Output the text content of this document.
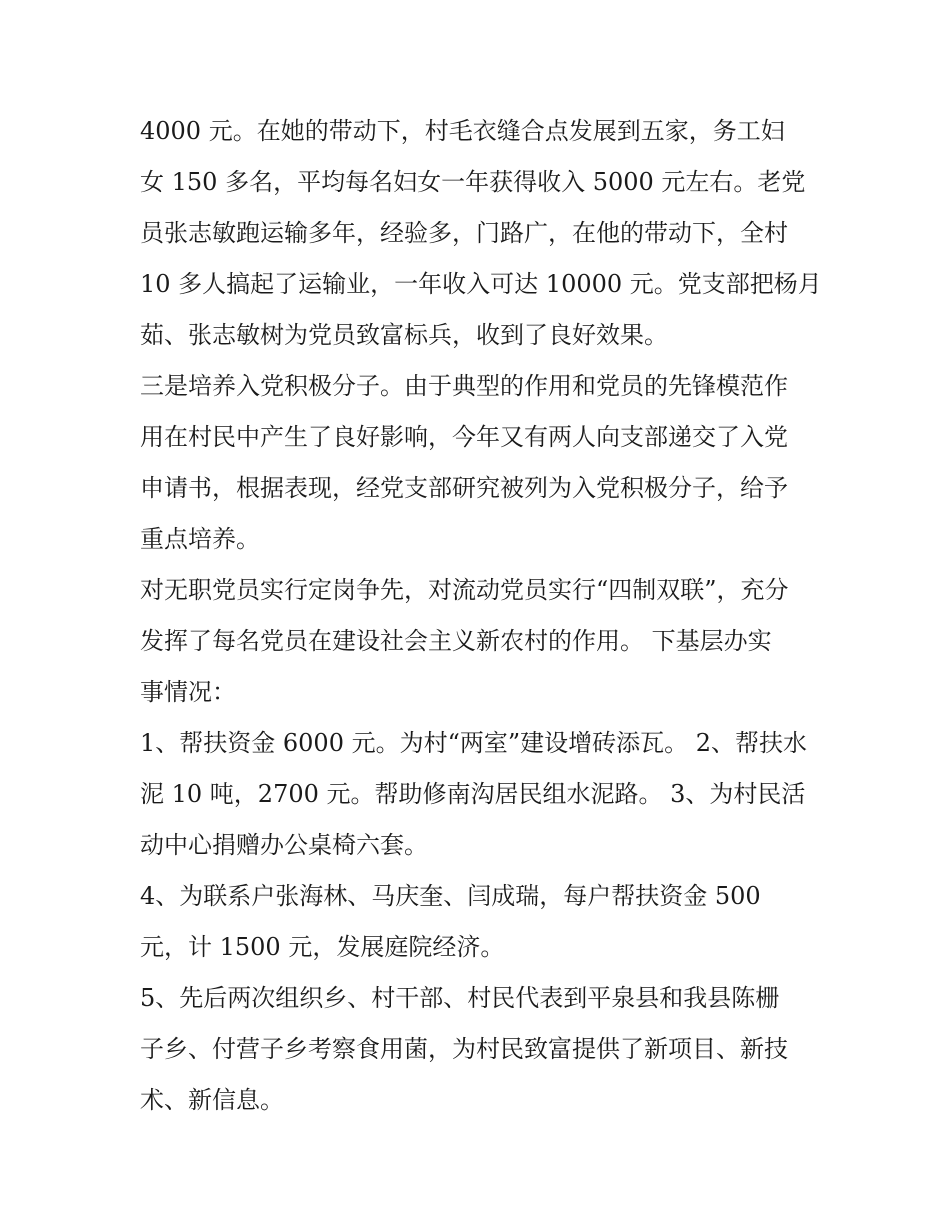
4000 元。在她的带动下，村毛衣缝合点发展到五家，务工妇
女 150 多名，平均每名妇女一年获得收入 5000 元左右。老党
员张志敏跑运输多年，经验多，门路广，在他的带动下，全村
10 多人搞起了运输业，一年收入可达 10000 元。党支部把杨月
茹、张志敏树为党员致富标兵，收到了良好效果。
三是培养入党积极分子。由于典型的作用和党员的先锋模范作
用在村民中产生了良好影响，今年又有两人向支部递交了入党
申请书，根据表现，经党支部研究被列为入党积极分子，给予
重点培养。
对无职党员实行定岗争先，对流动党员实行“四制双联”，充分
发挥了每名党员在建设社会主义新农村的作用。 下基层办实
事情况：
1、帮扶资金 6000 元。为村“两室”建设增砖添瓦。 2、帮扶水
泥 10 吨，2700 元。帮助修南沟居民组水泥路。 3、为村民活
动中心捐赠办公桌椅六套。
4、为联系户张海林、马庆奎、闫成瑞，每户帮扶资金 500
元，计 1500 元，发展庭院经济。
5、先后两次组织乡、村干部、村民代表到平泉县和我县陈栅
子乡、付营子乡考察食用菌，为村民致富提供了新项目、新技
术、新信息。
